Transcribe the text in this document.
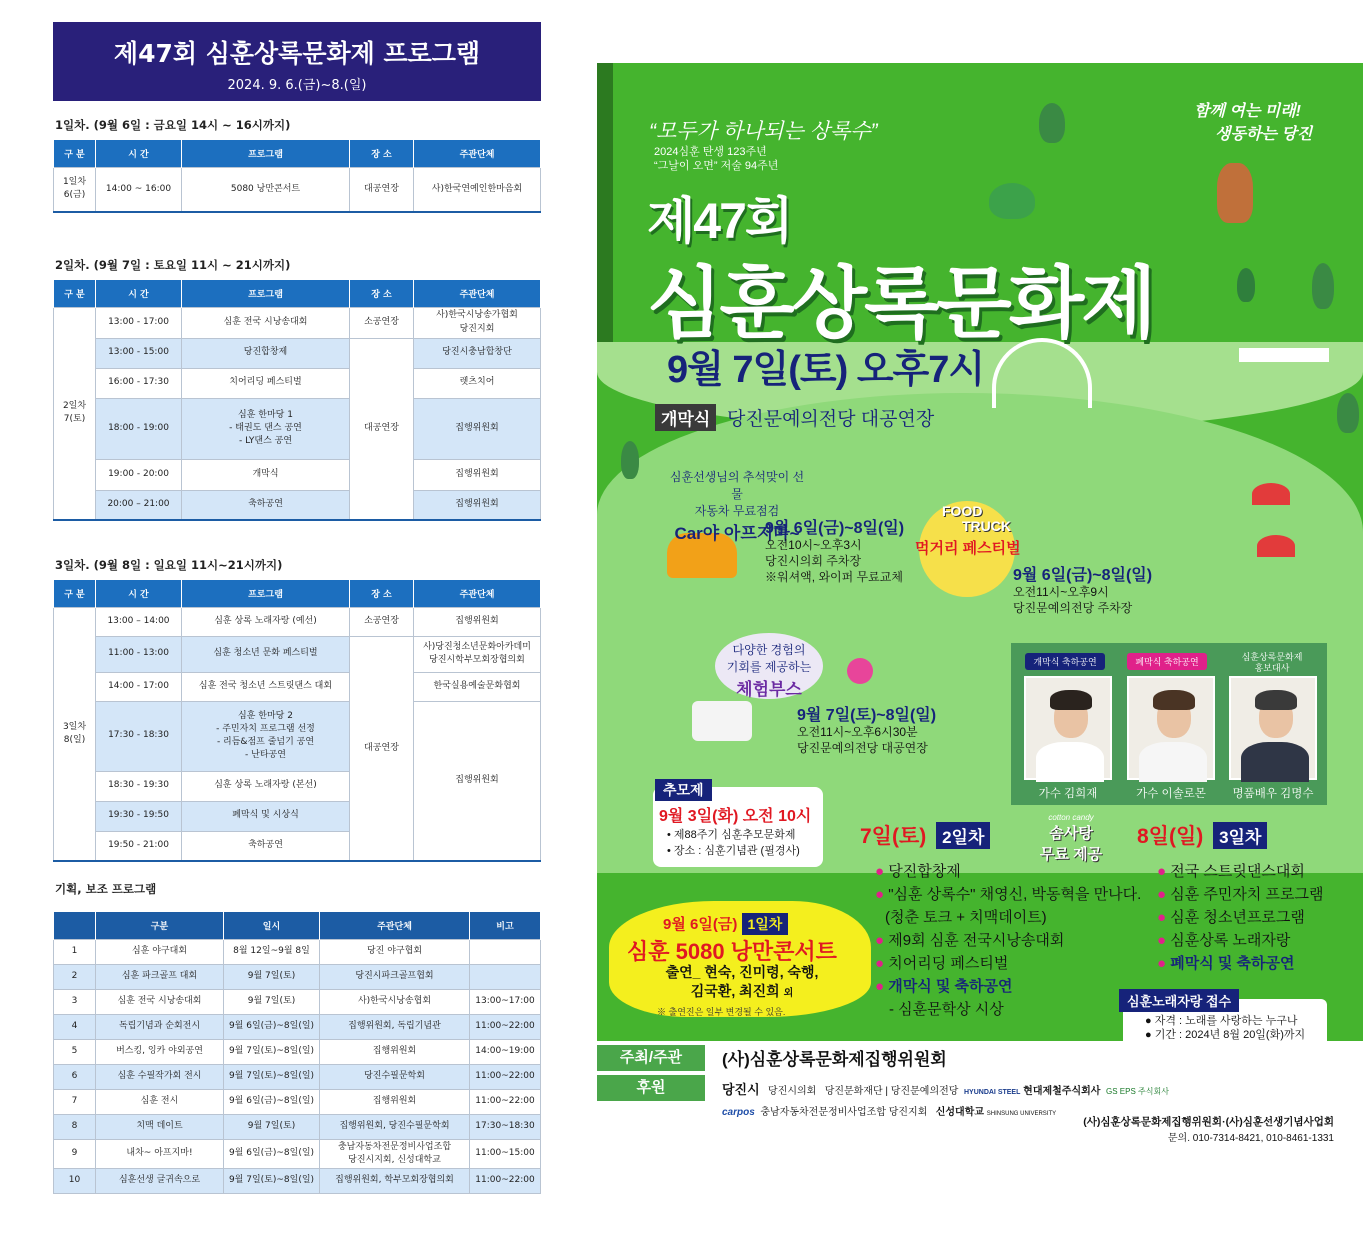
제47회 심훈상록문화제 프로그램
2024. 9. 6.(금)~8.(일)
1일차. (9월 6일 : 금요일 14시 ~ 16시까지)
구 분	시 간	프로그램	장 소	주관단체
1일차
6(금)	14:00 ~ 16:00	5080 낭만콘서트	대공연장	사)한국연예인한마음회
2일차. (9월 7일 : 토요일 11시 ~ 21시까지)
구 분	시 간	프로그램	장 소	주관단체
2일차
7(토)	13:00 - 17:00	심훈 전국 시낭송대회	소공연장	사)한국시낭송가협회
당진지회
	13:00 - 15:00	당진합창제	대공연장	당진시충남합창단
	16:00 - 17:30	치어리딩 페스티벌		렛츠치어
	18:00 - 19:00	심훈 한마당 1
- 태권도 댄스 공연
- LY댄스 공연		집행위원회
	19:00 - 20:00	개막식		집행위원회
	20:00 – 21:00	축하공연		집행위원회
3일차. (9월 8일 : 일요일 11시~21시까지)
구 분	시 간	프로그램	장 소	주관단체
3일차
8(일)	13:00 – 14:00	심훈 상록 노래자랑 (예선)	소공연장	집행위원회
	11:00 - 13:00	심훈 청소년 문화 페스티벌	대공연장	사)당진청소년문화아카데미
당진시학부모회장협의회
	14:00 - 17:00	심훈 전국 청소년 스트릿댄스 대회		한국실용예술문화협회
	17:30 - 18:30	심훈 한마당 2
- 주민자치 프로그램 선정
- 리듬&점프 줄넘기 공연
- 난타공연		집행위원회
	18:30 - 19:30	심훈 상록 노래자랑 (본선)		
	19:30 - 19:50	폐막식 및 시상식		
	19:50 - 21:00	축하공연		
기획, 보조 프로그램
	구분	일시	주관단체	비고
1	심훈 야구대회	8월 12일~9월 8일	당진 야구협회	
2	심훈 파크골프 대회	9월 7일(토)	당진시파크골프협회	
3	심훈 전국 시낭송대회	9월 7일(토)	사)한국시낭송협회	13:00~17:00
4	독립기념과 순회전시	9월 6일(금)~8일(일)	집행위원회, 독립기념관	11:00~22:00
5	버스킹, 잉카 야외공연	9월 7일(토)~8일(일)	집행위원회	14:00~19:00
6	심훈 수필작가회 전시	9월 7일(토)~8일(일)	당진수필문학회	11:00~22:00
7	심훈 전시	9월 6일(금)~8일(일)	집행위원회	11:00~22:00
8	치맥 데이트	9월 7일(토)	집행위원회, 당진수필문학회	17:30~18:30
9	내차~ 아프지마!	9월 6일(금)~8일(일)	충남자동차전문정비사업조합
당진시지회, 신성대학교	11:00~15:00
10	심훈선생 글귀속으로	9월 7일(토)~8일(일)	집행위원회, 학부모회장협의회	11:00~22:00
“모두가 하나되는 상록수”
2024심훈 탄생 123주년
“그날이 오면” 저술 94주년
함께 여는 미래!
생동하는 당진
제47회
심훈상록문화제
9월 7일(토) 오후7시
개막식 당진문예의전당 대공연장
심훈선생님의 추석맞이 선물
자동차 무료점검
Car야 아프지마~
9월 6일(금)~8일(일)
오전10시~오후3시
당진시의회 주차장
※워셔액, 와이퍼 무료교체
FOOD
TRUCK
먹거리 페스티벌
9월 6일(금)~8일(일)
오전11시~오후9시
당진문예의전당 주차장
다양한 경험의
기회를 제공하는
체험부스
9월 7일(토)~8일(일)
오전11시~오후6시30분
당진문예의전당 대공연장
개막식 축하공연	폐막식 축하공연	심훈상록문화제
홍보대사
가수 김희재	가수 이솔로몬	명품배우 김명수
추모제
9월 3일(화) 오전 10시
• 제88주기 심훈추모문화제
• 장소 : 심훈기념관 (필경사)
7일(토) 2일차
cotton candy
솜사탕
무료 제공
8일(일) 3일차
● 당진합창제
● "심훈 상록수" 채영신, 박동혁을 만나다.
(청춘 토크 + 치맥데이트)
● 제9회 심훈 전국시낭송대회
● 치어리딩 페스티벌
● 개막식 및 축하공연
- 심훈문학상 시상
● 전국 스트릿댄스대회
● 심훈 주민자치 프로그램
● 심훈 청소년프로그램
● 심훈상록 노래자랑
● 폐막식 및 축하공연
9월 6일(금) 1일차
심훈 5080 낭만콘서트
출연_ 현숙, 진미령, 숙행,
김국환, 최진희 외
※ 출연진은 일부 변경될 수 있음.
심훈노래자랑 접수
● 자격 : 노래를 사랑하는 누구나
● 기간 : 2024년 8월 20일(화)까지
주최/주관
후원
(사)심훈상록문화제집행위원회
당진시 당진시의회 당진문화재단 | 당진문예의전당 HYUNDAI STEEL 현대제철주식회사 GS EPS 주식회사
carpos 충남자동차전문정비사업조합 당진지회 신성대학교 SHINSUNG UNIVERSITY
(사)심훈상록문화제집행위원회·(사)심훈선생기념사업회
문의. 010-7314-8421, 010-8461-1331
